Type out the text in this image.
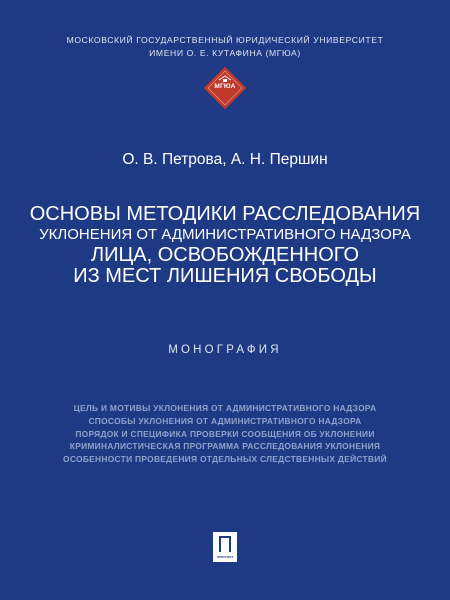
МОСКОВСКИЙ ГОСУДАРСТВЕННЫЙ ЮРИДИЧЕСКИЙ УНИВЕРСИТЕТ
ИМЕНИ О. Е. КУТАФИНА (МГЮА)
МГЮА
О. В. Петрова, А. Н. Першин
ОСНОВЫ МЕТОДИКИ РАССЛЕДОВАНИЯ
УКЛОНЕНИЯ ОТ АДМИНИСТРАТИВНОГО НАДЗОРА
ЛИЦА, ОСВОБОЖДЕННОГО
ИЗ МЕСТ ЛИШЕНИЯ СВОБОДЫ
МОНОГРАФИЯ
ЦЕЛЬ И МОТИВЫ УКЛОНЕНИЯ ОТ АДМИНИСТРАТИВНОГО НАДЗОРА
СПОСОБЫ УКЛОНЕНИЯ ОТ АДМИНИСТРАТИВНОГО НАДЗОРА
ПОРЯДОК И СПЕЦИФИКА ПРОВЕРКИ СООБЩЕНИЯ ОБ УКЛОНЕНИИ
КРИМИНАЛИСТИЧЕСКАЯ ПРОГРАММА РАССЛЕДОВАНИЯ УКЛОНЕНИЯ
ОСОБЕННОСТИ ПРОВЕДЕНИЯ ОТДЕЛЬНЫХ СЛЕДСТВЕННЫХ ДЕЙСТВИЙ
ПРОСПЕКТ
